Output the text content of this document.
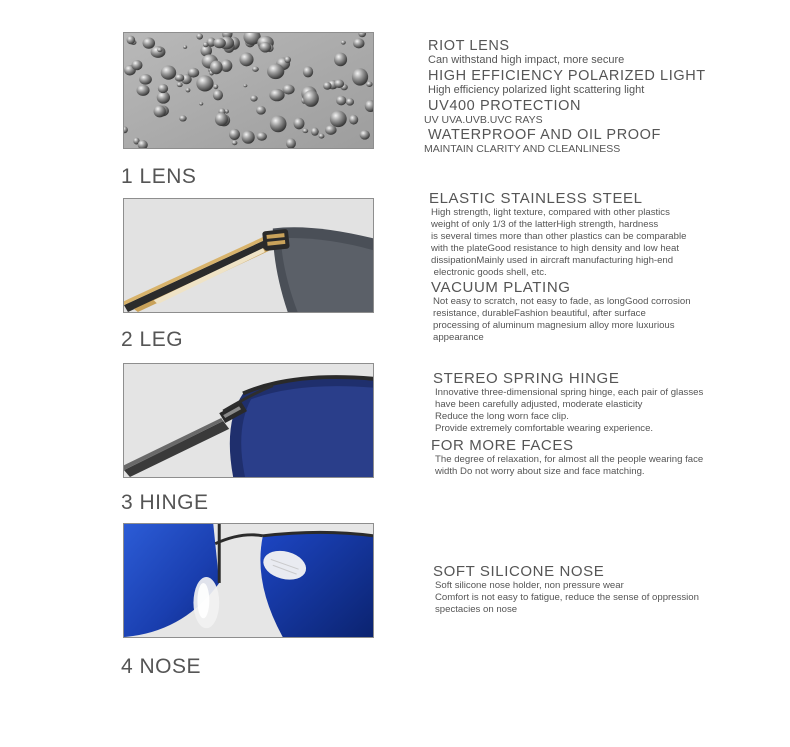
1 LENS
RIOT LENS
Can withstand high impact, more secure
HIGH EFFICIENCY POLARIZED LIGHT
High efficiency polarized light scattering light
UV400 PROTECTION
UV UVA.UVB.UVC RAYS
WATERPROOF AND OIL PROOF
MAINTAIN CLARITY AND CLEANLINESS
2 LEG
ELASTIC STAINLESS STEEL
High strength, light texture, compared with other plastics
weight of only 1/3 of the latterHigh strength, hardness
is several times more than other plastics can be comparable
with the plateGood resistance to high density and low heat
dissipationMainly used in aircraft manufacturing high-end
electronic goods shell, etc.
VACUUM PLATING
Not easy to scratch, not easy to fade, as longGood corrosion
resistance, durableFashion beautiful, after surface
processing of aluminum magnesium alloy more luxurious
appearance
3 HINGE
STEREO SPRING HINGE
Innovative three-dimensional spring hinge, each pair of glasses
have been carefully adjusted, moderate elasticity
Reduce the long worn face clip.
Provide extremely comfortable wearing experience.
FOR MORE FACES
The degree of relaxation, for almost all the people wearing face
width Do not worry about size and face matching.
4 NOSE
SOFT SILICONE NOSE
Soft silicone nose holder, non pressure wear
Comfort is not easy to fatigue, reduce the sense of oppression
spectacies on nose
